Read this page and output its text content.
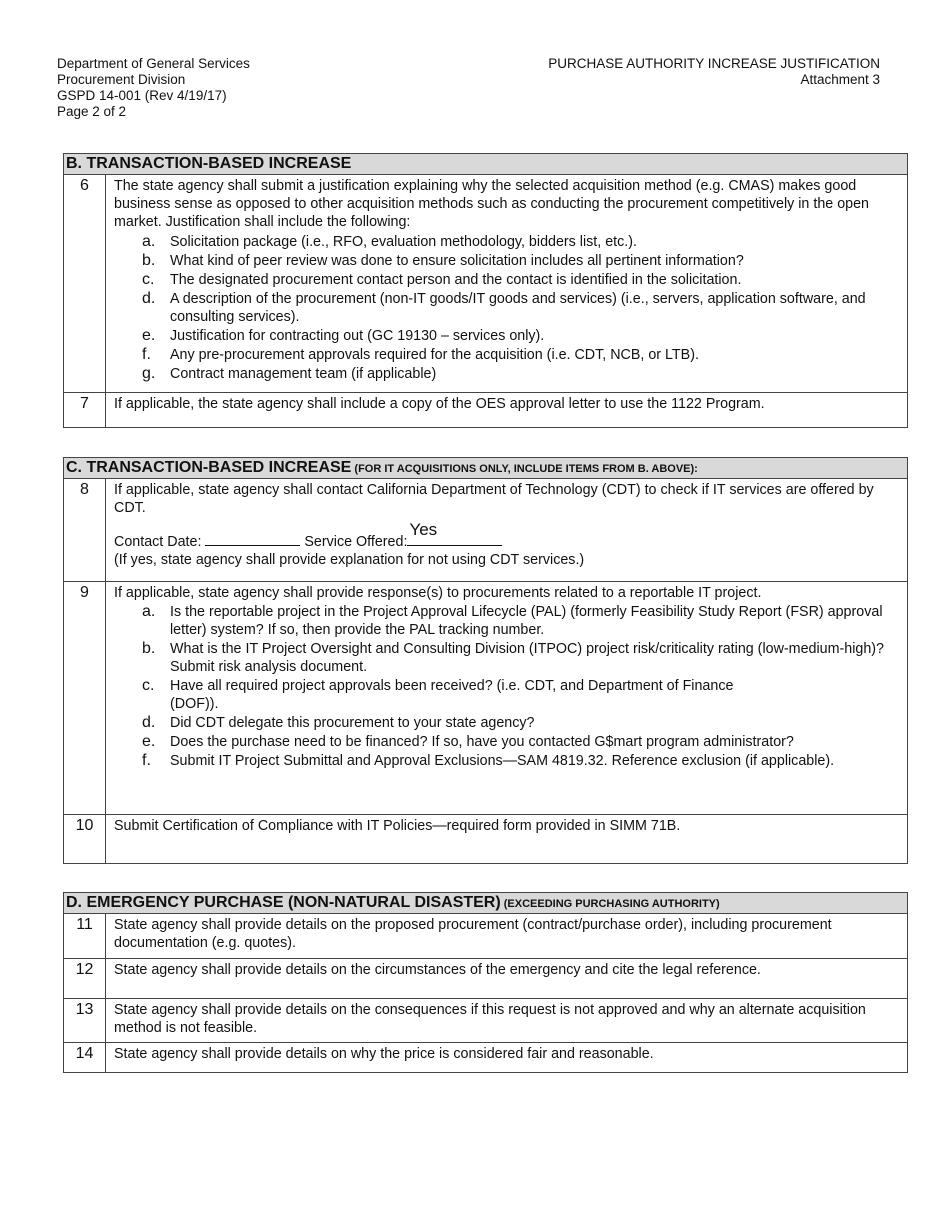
Department of General Services
Procurement Division
GSPD 14-001 (Rev 4/19/17)
Page 2 of 2
PURCHASE AUTHORITY INCREASE JUSTIFICATION
Attachment 3
B. TRANSACTION-BASED INCREASE
6	The state agency shall submit a justification explaining why the selected acquisition method (e.g. CMAS) makes good business sense as opposed to other acquisition methods such as conducting the procurement competitively in the open market. Justification shall include the following:

a.	Solicitation package (i.e., RFO, evaluation methodology, bidders list, etc.).
b.	What kind of peer review was done to ensure solicitation includes all pertinent information?
c.	The designated procurement contact person and the contact is identified in the solicitation.
d.	A description of the procurement (non-IT goods/IT goods and services) (i.e., servers, application software, and consulting services).
e.	Justification for contracting out (GC 19130 – services only).
f.	Any pre-procurement approvals required for the acquisition (i.e. CDT, NCB, or LTB).
g.	Contract management team (if applicable)
7	If applicable, the state agency shall include a copy of the OES approval letter to use the 1122 Program.
C. TRANSACTION-BASED INCREASE (FOR IT ACQUISITIONS ONLY, INCLUDE ITEMS FROM B. ABOVE):
8	If applicable, state agency shall contact California Department of Technology (CDT) to check if IT services are offered by CDT.

Contact Date:	Service Offered:
Yes

(If yes, state agency shall provide explanation for not using CDT services.)

9	If applicable, state agency shall provide response(s) to procurements related to a reportable IT project.

a.	Is the reportable project in the Project Approval Lifecycle (PAL) (formerly Feasibility Study Report (FSR) approval letter) system? If so, then provide the PAL tracking number.
b.	What is the IT Project Oversight and Consulting Division (ITPOC) project risk/criticality rating (low-medium-high)? Submit risk analysis document.
c.	Have all required project approvals been received? (i.e. CDT, and Department of Finance (DOF)).
d.	Did CDT delegate this procurement to your state agency?
e.	Does the purchase need to be financed? If so, have you contacted G$mart program administrator?
f.	Submit IT Project Submittal and Approval Exclusions—SAM 4819.32. Reference exclusion (if applicable).
10	Submit Certification of Compliance with IT Policies—required form provided in SIMM 71B.
D. EMERGENCY PURCHASE (NON-NATURAL DISASTER) (EXCEEDING PURCHASING AUTHORITY)
11	State agency shall provide details on the proposed procurement (contract/purchase order), including procurement documentation (e.g. quotes).
12	State agency shall provide details on the circumstances of the emergency and cite the legal reference.
13	State agency shall provide details on the consequences if this request is not approved and why an alternate acquisition method is not feasible.
14	State agency shall provide details on why the price is considered fair and reasonable.
